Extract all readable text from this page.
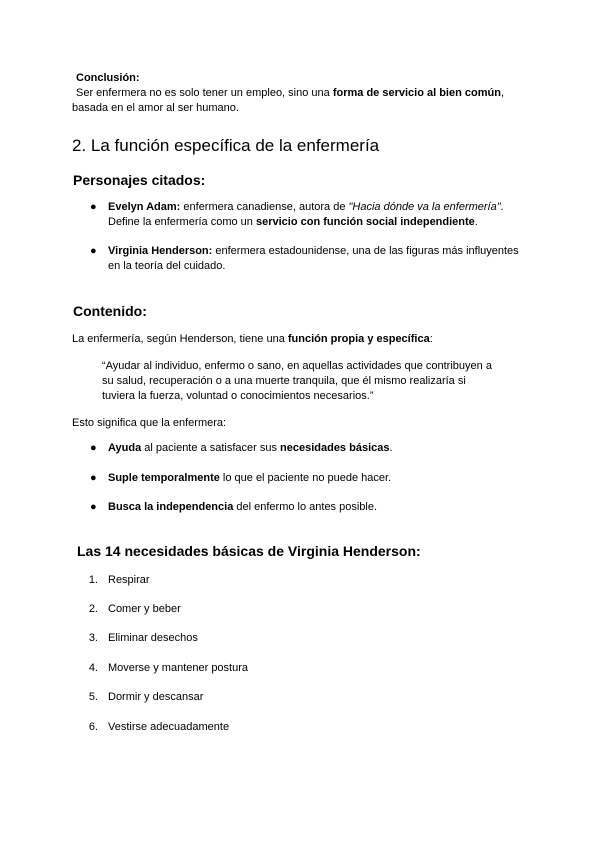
Conclusión:
Ser enfermera no es solo tener un empleo, sino una forma de servicio al bien común,
basada en el amor al ser humano.
2. La función específica de la enfermería
Personajes citados:
● Evelyn Adam: enfermera canadiense, autora de "Hacia dónde va la enfermería".
Define la enfermería como un servicio con función social independiente.
● Virginia Henderson: enfermera estadounidense, una de las figuras más influyentes
en la teoría del cuidado.
Contenido:
La enfermería, según Henderson, tiene una función propia y específica:
“Ayudar al individuo, enfermo o sano, en aquellas actividades que contribuyen a
su salud, recuperación o a una muerte tranquila, que él mismo realizaría si
tuviera la fuerza, voluntad o conocimientos necesarios.”
Esto significa que la enfermera:
● Ayuda al paciente a satisfacer sus necesidades básicas.
● Suple temporalmente lo que el paciente no puede hacer.
● Busca la independencia del enfermo lo antes posible.
Las 14 necesidades básicas de Virginia Henderson:
1. Respirar
2. Comer y beber
3. Eliminar desechos
4. Moverse y mantener postura
5. Dormir y descansar
6. Vestirse adecuadamente
